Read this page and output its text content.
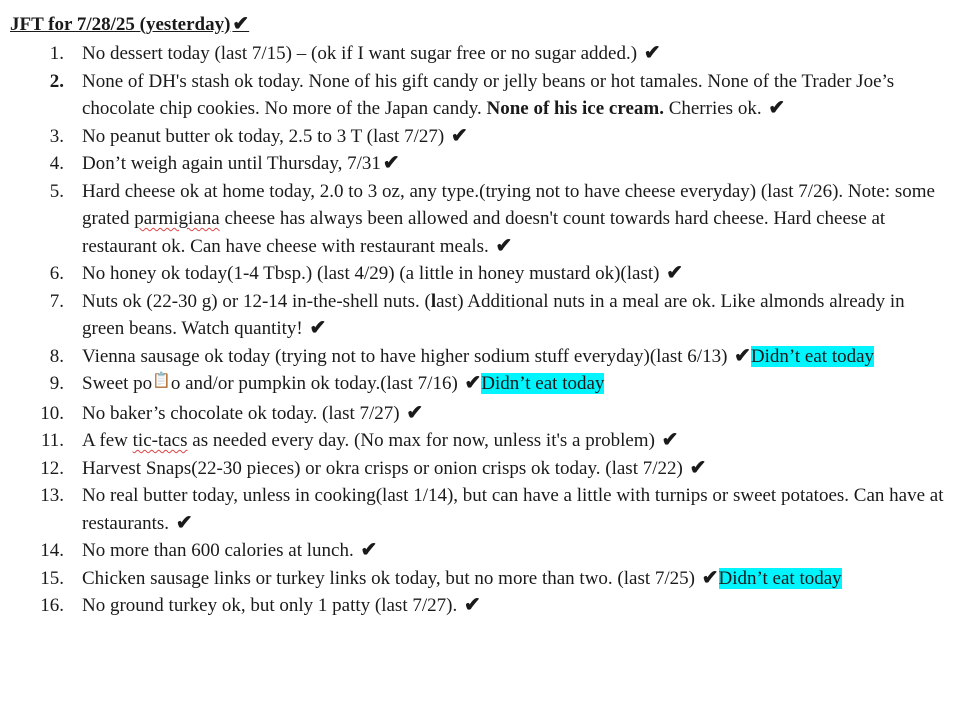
JFT for 7/28/25 (yesterday) ✔
1. No dessert today (last 7/15) – (ok if I want sugar free or no sugar added.) ✔
2. None of DH's stash ok today. None of his gift candy or jelly beans or hot tamales. None of the Trader Joe’s chocolate chip cookies. No more of the Japan candy. None of his ice cream. Cherries ok. ✔
3. No peanut butter ok today, 2.5 to 3 T (last 7/27) ✔
4. Don’t weigh again until Thursday, 7/31 ✔
5. Hard cheese ok at home today, 2.0 to 3 oz, any type.(trying not to have cheese everyday) (last 7/26). Note: some grated parmigiana cheese has always been allowed and doesn't count towards hard cheese. Hard cheese at restaurant ok. Can have cheese with restaurant meals. ✔
6. No honey ok today(1-4 Tbsp.) (last 4/29) (a little in honey mustard ok)(last) ✔
7. Nuts ok (22-30 g) or 12-14 in-the-shell nuts. (last) Additional nuts in a meal are ok. Like almonds already in green beans. Watch quantity! ✔
8. Vienna sausage ok today (trying not to have higher sodium stuff everyday)(last 6/13) ✔Didn’t eat today
9. Sweet po📋o and/or pumpkin ok today.(last 7/16) ✔Didn’t eat today
10. No baker’s chocolate ok today. (last 7/27) ✔
11. A few tic-tacs as needed every day. (No max for now, unless it's a problem) ✔
12. Harvest Snaps(22-30 pieces) or okra crisps or onion crisps ok today. (last 7/22) ✔
13. No real butter today, unless in cooking(last 1/14), but can have a little with turnips or sweet potatoes. Can have at restaurants. ✔
14. No more than 600 calories at lunch. ✔
15. Chicken sausage links or turkey links ok today, but no more than two. (last 7/25) ✔Didn’t eat today
16. No ground turkey ok, but only 1 patty (last 7/27). ✔
